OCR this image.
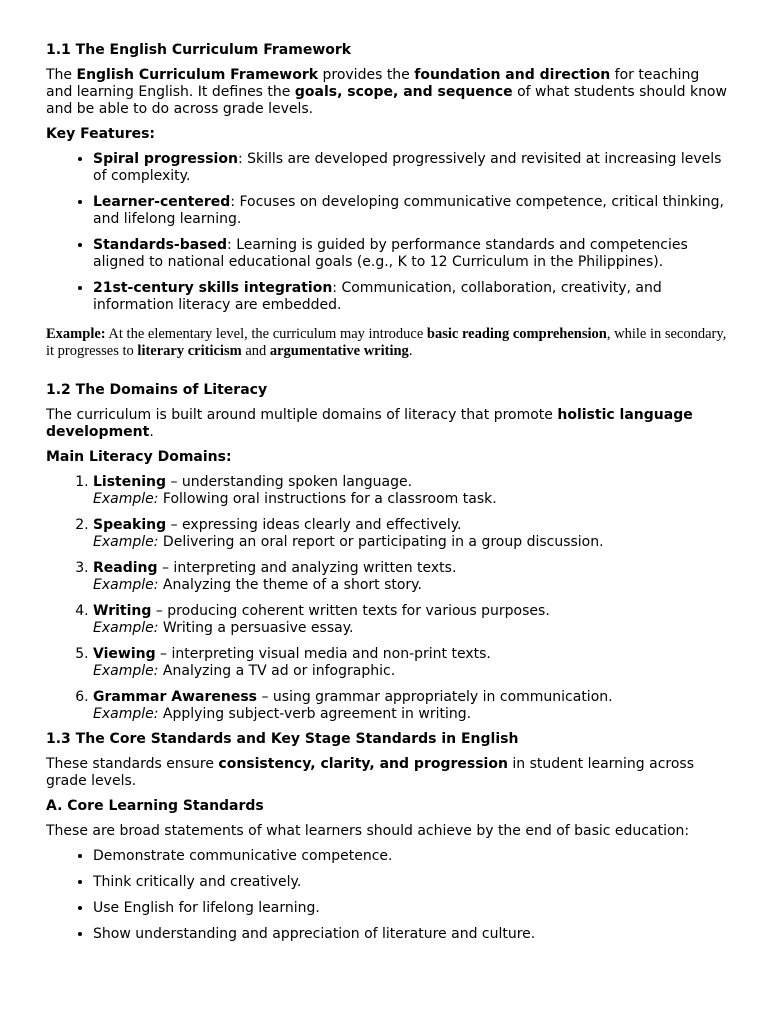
1.1 The English Curriculum Framework

The English Curriculum Framework provides the foundation and direction for teaching and learning English. It defines the goals, scope, and sequence of what students should know and be able to do across grade levels.

Key Features:
• Spiral progression: Skills are developed progressively and revisited at increasing levels of complexity.
• Learner-centered: Focuses on developing communicative competence, critical thinking, and lifelong learning.
• Standards-based: Learning is guided by performance standards and competencies aligned to national educational goals (e.g., K to 12 Curriculum in the Philippines).
• 21st-century skills integration: Communication, collaboration, creativity, and information literacy are embedded.

Example: At the elementary level, the curriculum may introduce basic reading comprehension, while in secondary, it progresses to literary criticism and argumentative writing.

1.2 The Domains of Literacy

The curriculum is built around multiple domains of literacy that promote holistic language development.

Main Literacy Domains:
1. Listening – understanding spoken language.
Example: Following oral instructions for a classroom task.
2. Speaking – expressing ideas clearly and effectively.
Example: Delivering an oral report or participating in a group discussion.
3. Reading – interpreting and analyzing written texts.
Example: Analyzing the theme of a short story.
4. Writing – producing coherent written texts for various purposes.
Example: Writing a persuasive essay.
5. Viewing – interpreting visual media and non-print texts.
Example: Analyzing a TV ad or infographic.
6. Grammar Awareness – using grammar appropriately in communication.
Example: Applying subject-verb agreement in writing.
1.3 The Core Standards and Key Stage Standards in English

These standards ensure consistency, clarity, and progression in student learning across grade levels.

A. Core Learning Standards

These are broad statements of what learners should achieve by the end of basic education:

• Demonstrate communicative competence.
• Think critically and creatively.
• Use English for lifelong learning.
• Show understanding and appreciation of literature and culture.
